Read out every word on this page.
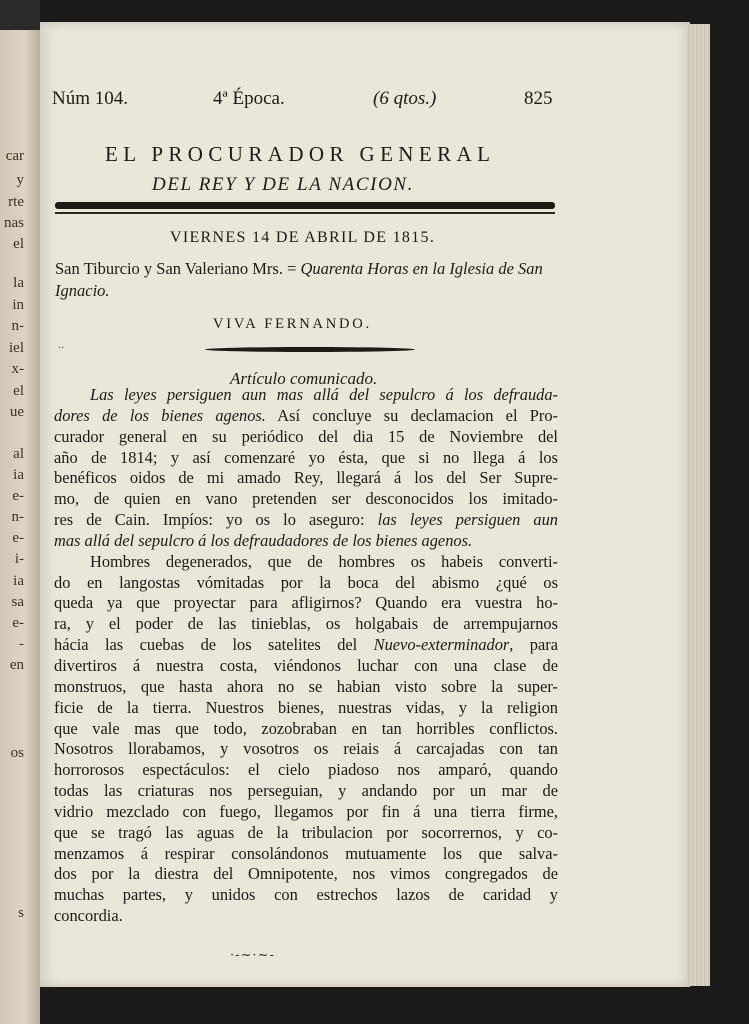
car
y
rte
nas
el
la
in
n-
iel
x-
el
ue
al
ia
e-
n-
e-
i-
ia
sa
e-
-
en
os
s
Núm 104.	4ª Época.	(6 qtos.)	825
EL PROCURADOR GENERAL
DEL REY Y DE LA NACION.
VIERNES 14 DE ABRIL DE 1815.
San Tiburcio y San Valeriano Mrs. = Quarenta Horas en la Iglesia de San Ignacio.
VIVA FERNANDO.
··
Artículo comunicado.
Las leyes persiguen aun mas allá del sepulcro á los defrauda-
dores de los bienes agenos. Así concluye su declamacion el Pro-
curador general en su periódico del dia 15 de Noviembre del
año de 1814; y así comenzaré yo ésta, que si no llega á los
benéficos oidos de mi amado Rey, llegará á los del Ser Supre-
mo, de quien en vano pretenden ser desconocidos los imitado-
res de Cain. Impíos: yo os lo aseguro: las leyes persiguen aun
mas allá del sepulcro á los defraudadores de los bienes agenos.
Hombres degenerados, que de hombres os habeis converti-
do en langostas vómitadas por la boca del abismo ¿qué os
queda ya que proyectar para afligirnos? Quando era vuestra ho-
ra, y el poder de las tinieblas, os holgabais de arrempujarnos
hácia las cuebas de los satelites del Nuevo-exterminador, para
divertiros á nuestra costa, viéndonos luchar con una clase de
monstruos, que hasta ahora no se habian visto sobre la super-
ficie de la tierra. Nuestros bienes, nuestras vidas, y la religion
que vale mas que todo, zozobraban en tan horribles conflictos.
Nosotros llorabamos, y vosotros os reiais á carcajadas con tan
horrorosos espectáculos: el cielo piadoso nos amparó, quando
todas las criaturas nos perseguian, y andando por un mar de
vidrio mezclado con fuego, llegamos por fin á una tierra firme,
que se tragó las aguas de la tribulacion por socorrernos, y co-
menzamos á respirar consolándonos mutuamente los que salva-
dos por la diestra del Omnipotente, nos vimos congregados de
muchas partes, y unidos con estrechos lazos de caridad y
concordia.
·-~·~-
